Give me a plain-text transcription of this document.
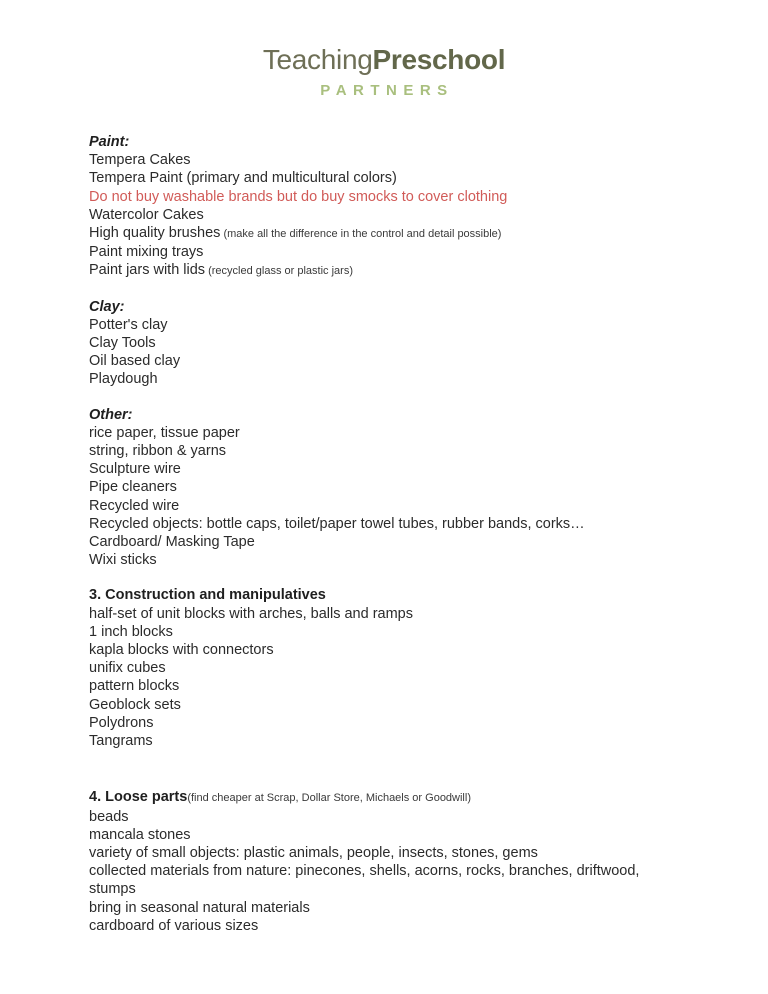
TeachingPreschool
PARTNERS
Paint:
Tempera Cakes
Tempera Paint (primary and multicultural colors)
Do not buy washable brands but do buy smocks to cover clothing
Watercolor Cakes
High quality brushes (make all the difference in the control and detail possible)
Paint mixing trays
Paint jars with lids (recycled glass or plastic jars)
Clay:
Potter's clay
Clay Tools
Oil based clay
Playdough
Other:
rice paper, tissue paper
string, ribbon & yarns
Sculpture wire
Pipe cleaners
Recycled wire
Recycled objects: bottle caps, toilet/paper towel tubes, rubber bands, corks…
Cardboard/ Masking Tape
Wixi sticks
3. Construction and manipulatives
half-set of unit blocks with arches, balls and ramps
1 inch blocks
kapla blocks with connectors
unifix cubes
pattern blocks
Geoblock sets
Polydrons
Tangrams
4. Loose parts(find cheaper at Scrap, Dollar Store, Michaels or Goodwill)
beads
mancala stones
variety of small objects: plastic animals, people, insects, stones, gems
collected materials from nature: pinecones, shells, acorns, rocks, branches, driftwood, stumps
bring in seasonal natural materials
cardboard of various sizes
